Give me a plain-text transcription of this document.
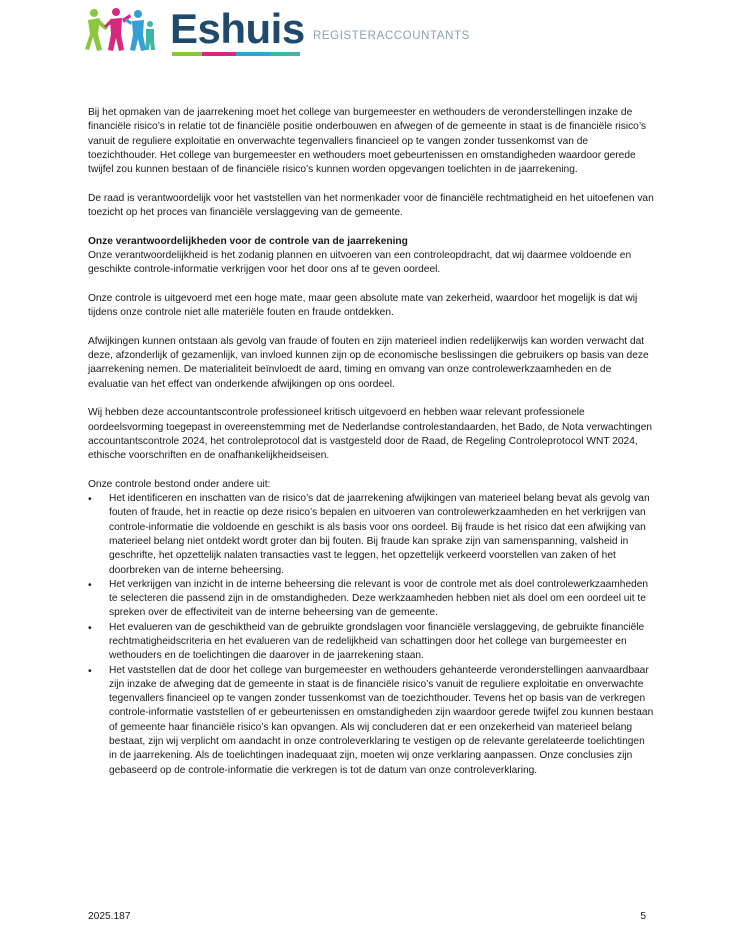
Eshuis REGISTERACCOUNTANTS

Bij het opmaken van de jaarrekening moet het college van burgemeester en wethouders de veronderstellingen inzake de financiële risico’s in relatie tot de financiële positie onderbouwen en afwegen of de gemeente in staat is de financiële risico’s vanuit de reguliere exploitatie en onverwachte tegenvallers financieel op te vangen zonder tussenkomst van de toezichthouder. Het college van burgemeester en wethouders moet gebeurtenissen en omstandigheden waardoor gerede twijfel zou kunnen bestaan of de financiële risico’s kunnen worden opgevangen toelichten in de jaarrekening.

De raad is verantwoordelijk voor het vaststellen van het normenkader voor de financiële rechtmatigheid en het uitoefenen van toezicht op het proces van financiële verslaggeving van de gemeente.

Onze verantwoordelijkheden voor de controle van de jaarrekening

Onze verantwoordelijkheid is het zodanig plannen en uitvoeren van een controleopdracht, dat wij daarmee voldoende en geschikte controle-informatie verkrijgen voor het door ons af te geven oordeel.

Onze controle is uitgevoerd met een hoge mate, maar geen absolute mate van zekerheid, waardoor het mogelijk is dat wij tijdens onze controle niet alle materiële fouten en fraude ontdekken.

Afwijkingen kunnen ontstaan als gevolg van fraude of fouten en zijn materieel indien redelijkerwijs kan worden verwacht dat deze, afzonderlijk of gezamenlijk, van invloed kunnen zijn op de economische beslissingen die gebruikers op basis van deze jaarrekening nemen. De materialiteit beïnvloedt de aard, timing en omvang van onze controlewerkzaamheden en de evaluatie van het effect van onderkende afwijkingen op ons oordeel.

Wij hebben deze accountantscontrole professioneel kritisch uitgevoerd en hebben waar relevant professionele oordeelsvorming toegepast in overeenstemming met de Nederlandse controlestandaarden, het Bado, de Nota verwachtingen accountantscontrole 2024, het controleprotocol dat is vastgesteld door de Raad, de Regeling Controleprotocol WNT 2024, ethische voorschriften en de onafhankelijkheidseisen.

Onze controle bestond onder andere uit:

• Het identificeren en inschatten van de risico’s dat de jaarrekening afwijkingen van materieel belang bevat als gevolg van fouten of fraude, het in reactie op deze risico’s bepalen en uitvoeren van controlewerkzaamheden en het verkrijgen van controle-informatie die voldoende en geschikt is als basis voor ons oordeel. Bij fraude is het risico dat een afwijking van materieel belang niet ontdekt wordt groter dan bij fouten. Bij fraude kan sprake zijn van samenspanning, valsheid in geschrifte, het opzettelijk nalaten transacties vast te leggen, het opzettelijk verkeerd voorstellen van zaken of het doorbreken van de interne beheersing.
• Het verkrijgen van inzicht in de interne beheersing die relevant is voor de controle met als doel controlewerkzaamheden te selecteren die passend zijn in de omstandigheden. Deze werkzaamheden hebben niet als doel om een oordeel uit te spreken over de effectiviteit van de interne beheersing van de gemeente.
• Het evalueren van de geschiktheid van de gebruikte grondslagen voor financiële verslaggeving, de gebruikte financiële rechtmatigheidscriteria en het evalueren van de redelijkheid van schattingen door het college van burgemeester en wethouders en de toelichtingen die daarover in de jaarrekening staan.
• Het vaststellen dat de door het college van burgemeester en wethouders gehanteerde veronderstellingen aanvaardbaar zijn inzake de afweging dat de gemeente in staat is de financiële risico’s vanuit de reguliere exploitatie en onverwachte tegenvallers financieel op te vangen zonder tussenkomst van de toezichthouder. Tevens het op basis van de verkregen controle-informatie vaststellen of er gebeurtenissen en omstandigheden zijn waardoor gerede twijfel zou kunnen bestaan of gemeente haar financiële risico’s kan opvangen. Als wij concluderen dat er een onzekerheid van materieel belang bestaat, zijn wij verplicht om aandacht in onze controleverklaring te vestigen op de relevante gerelateerde toelichtingen in de jaarrekening. Als de toelichtingen inadequaat zijn, moeten wij onze verklaring aanpassen. Onze conclusies zijn gebaseerd op de controle-informatie die verkregen is tot de datum van onze controleverklaring.
2025.187	5
